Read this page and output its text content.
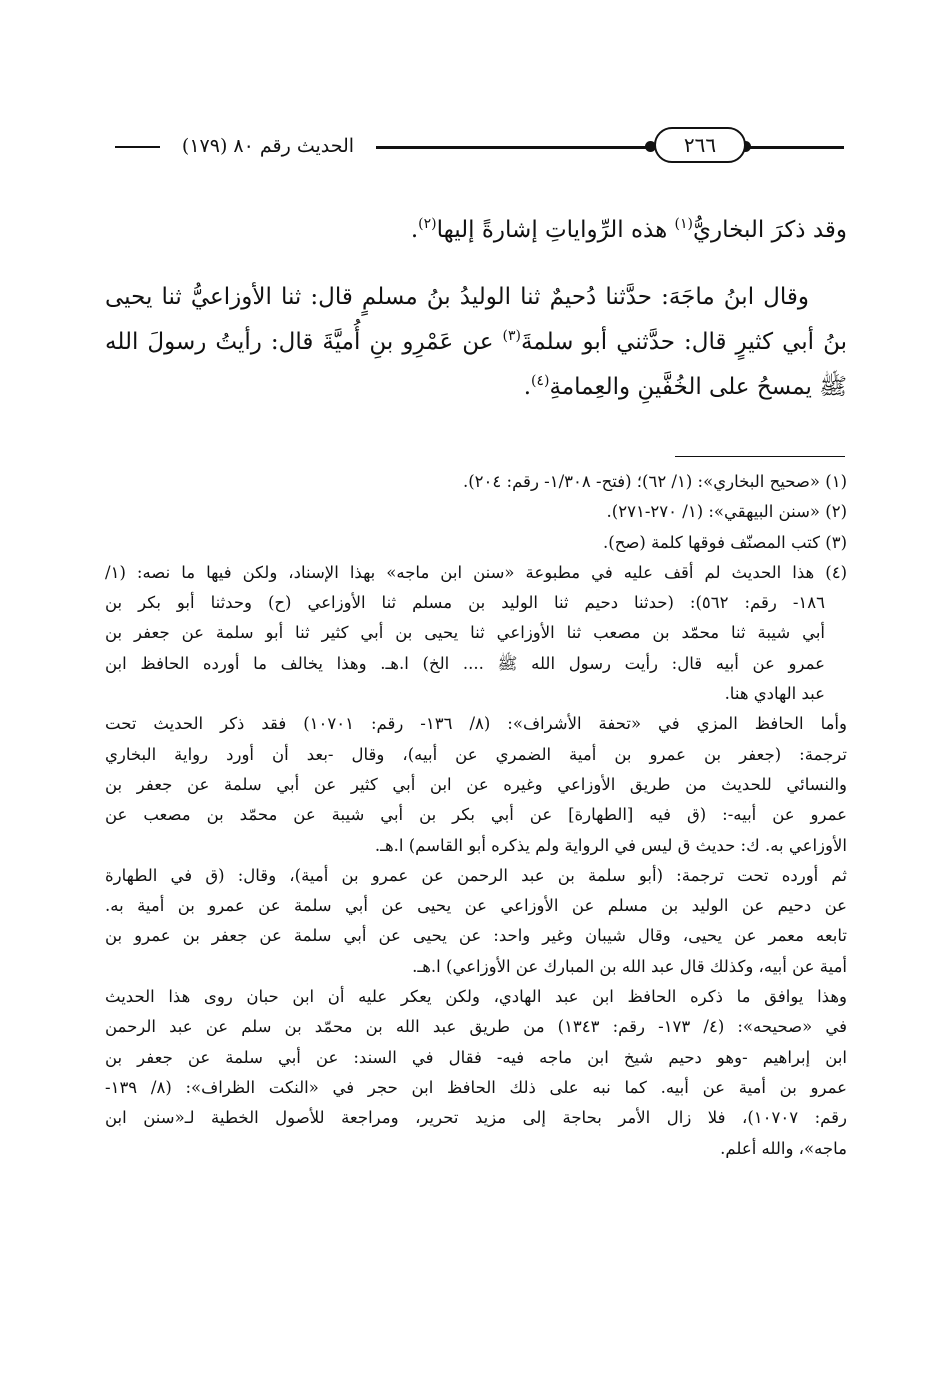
الحديث رقم ٨٠ (١٧٩)	٢٦٦

وقد ذكرَ البخاريُّ$^{(١)}$ هذه الرِّواياتِ إشارةً إليها$^{(٢)}$.

وقال ابنُ ماجَهَ: حدَّثنا دُحيمٌ ثنا الوليدُ بنُ مسلمٍ قال: ثنا الأوزاعيُّ ثنا يحيى بنُ أبي كثيرٍ قال: حدَّثني أبو سلمةَ$^{(٣)}$ عن عَمْرِو بنِ أُميَّةَ قال: رأيتُ رسولَ الله ﷺ يمسحُ على الخُفَّينِ والعِمامةِ$^{(٤)}$.

(١) «صحيح البخاري»: (١/ ٦٢)؛ (فتح- ١/٣٠٨- رقم: ٢٠٤).
(٢) «سنن البيهقي»: (١/ ٢٧٠-٢٧١).
(٣) كتب المصنّف فوقها كلمة (صح).
(٤) هذا الحديث لم أقف عليه في مطبوعة «سنن ابن ماجه» بهذا الإسناد، ولكن فيها ما نصه: (١/
١٨٦- رقم: ٥٦٢): (حدثنا دحيم ثنا الوليد بن مسلم ثنا الأوزاعي (ح) وحدثنا أبو بكر بن
أبي شيبة ثنا محمّد بن مصعب ثنا الأوزاعي ثنا يحيى بن أبي كثير ثنا أبو سلمة عن جعفر بن
عمرو عن أبيه قال: رأيت رسول الله ﷺ .... الخ) ا.هـ. وهذا يخالف ما أورده الحافظ ابن
عبد الهادي هنا.
وأما الحافظ المزي في «تحفة الأشراف»: (٨/ ١٣٦- رقم: ١٠٧٠١) فقد ذكر الحديث تحت
ترجمة: (جعفر بن عمرو بن أمية الضمري عن أبيه)، وقال -بعد أن أورد رواية البخاري
والنسائي للحديث من طريق الأوزاعي وغيره عن ابن أبي كثير عن أبي سلمة عن جعفر بن
عمرو عن أبيه-: (ق فيه [الطهارة] عن أبي بكر بن أبي شيبة عن محمّد بن مصعب عن
الأوزاعي به. ك: حديث ق ليس في الرواية ولم يذكره أبو القاسم) ا.هـ.
ثم أورده تحت ترجمة: (أبو سلمة بن عبد الرحمن عن عمرو بن أمية)، وقال: (ق في الطهارة
عن دحيم عن الوليد بن مسلم عن الأوزاعي عن يحيى عن أبي سلمة عن عمرو بن أمية به.
تابعه معمر عن يحيى، وقال شيبان وغير واحد: عن يحيى عن أبي سلمة عن جعفر بن عمرو بن
أمية عن أبيه، وكذلك قال عبد الله بن المبارك عن الأوزاعي) ا.هـ.
وهذا يوافق ما ذكره الحافظ ابن عبد الهادي، ولكن يعكر عليه أن ابن حبان روى هذا الحديث
في «صحيحه»: (٤/ ١٧٣- رقم: ١٣٤٣) من طريق عبد الله بن محمّد بن سلم عن عبد الرحمن
ابن إبراهيم -وهو دحيم شيخ ابن ماجه فيه- فقال في السند: عن أبي سلمة عن جعفر بن
عمرو بن أمية عن أبيه. كما نبه على ذلك الحافظ ابن حجر في «النكت الظراف»: (٨/ ١٣٩-
رقم: ١٠٧٠٧)، فلا زال الأمر بحاجة إلى مزيد تحرير، ومراجعة للأصول الخطية لـ«سنن ابن
ماجه»، والله أعلم.
